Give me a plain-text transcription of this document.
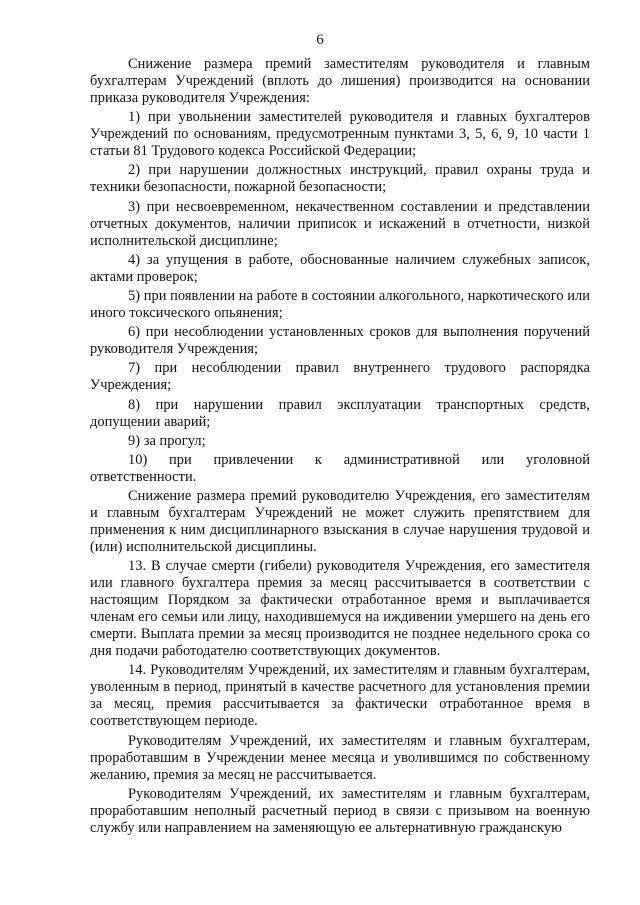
6

Снижение размера премий заместителям руководителя и главным бухгалтерам Учреждений (вплоть до лишения) производится на основании приказа руководителя Учреждения:

1) при увольнении заместителей руководителя и главных бухгалтеров Учреждений по основаниям, предусмотренным пунктами 3, 5, 6, 9, 10 части 1 статьи 81 Трудового кодекса Российской Федерации;

2) при нарушении должностных инструкций, правил охраны труда и техники безопасности, пожарной безопасности;

3) при несвоевременном, некачественном составлении и представлении отчетных документов, наличии приписок и искажений в отчетности, низкой исполнительской дисциплине;

4) за упущения в работе, обоснованные наличием служебных записок, актами проверок;

5) при появлении на работе в состоянии алкогольного, наркотического или иного токсического опьянения;

6) при несоблюдении установленных сроков для выполнения поручений руководителя Учреждения;

7) при несоблюдении правил внутреннего трудового распорядка Учреждения;

8) при нарушении правил эксплуатации транспортных средств, допущении аварий;

9) за прогул;

10) при привлечении к административной или уголовной ответственности.

Снижение размера премий руководителю Учреждения, его заместителям и главным бухгалтерам Учреждений не может служить препятствием для применения к ним дисциплинарного взыскания в случае нарушения трудовой и (или) исполнительской дисциплины.

13. В случае смерти (гибели) руководителя Учреждения, его заместителя или главного бухгалтера премия за месяц рассчитывается в соответствии с настоящим Порядком за фактически отработанное время и выплачивается членам его семьи или лицу, находившемуся на иждивении умершего на день его смерти. Выплата премии за месяц производится не позднее недельного срока со дня подачи работодателю соответствующих документов.

14. Руководителям Учреждений, их заместителям и главным бухгалтерам, уволенным в период, принятый в качестве расчетного для установления премии за месяц, премия рассчитывается за фактически отработанное время в соответствующем периоде.

Руководителям Учреждений, их заместителям и главным бухгалтерам, проработавшим в Учреждении менее месяца и уволившимся по собственному желанию, премия за месяц не рассчитывается.

Руководителям Учреждений, их заместителям и главным бухгалтерам, проработавшим неполный расчетный период в связи с призывом на военную службу или направлением на заменяющую ее альтернативную гражданскую
